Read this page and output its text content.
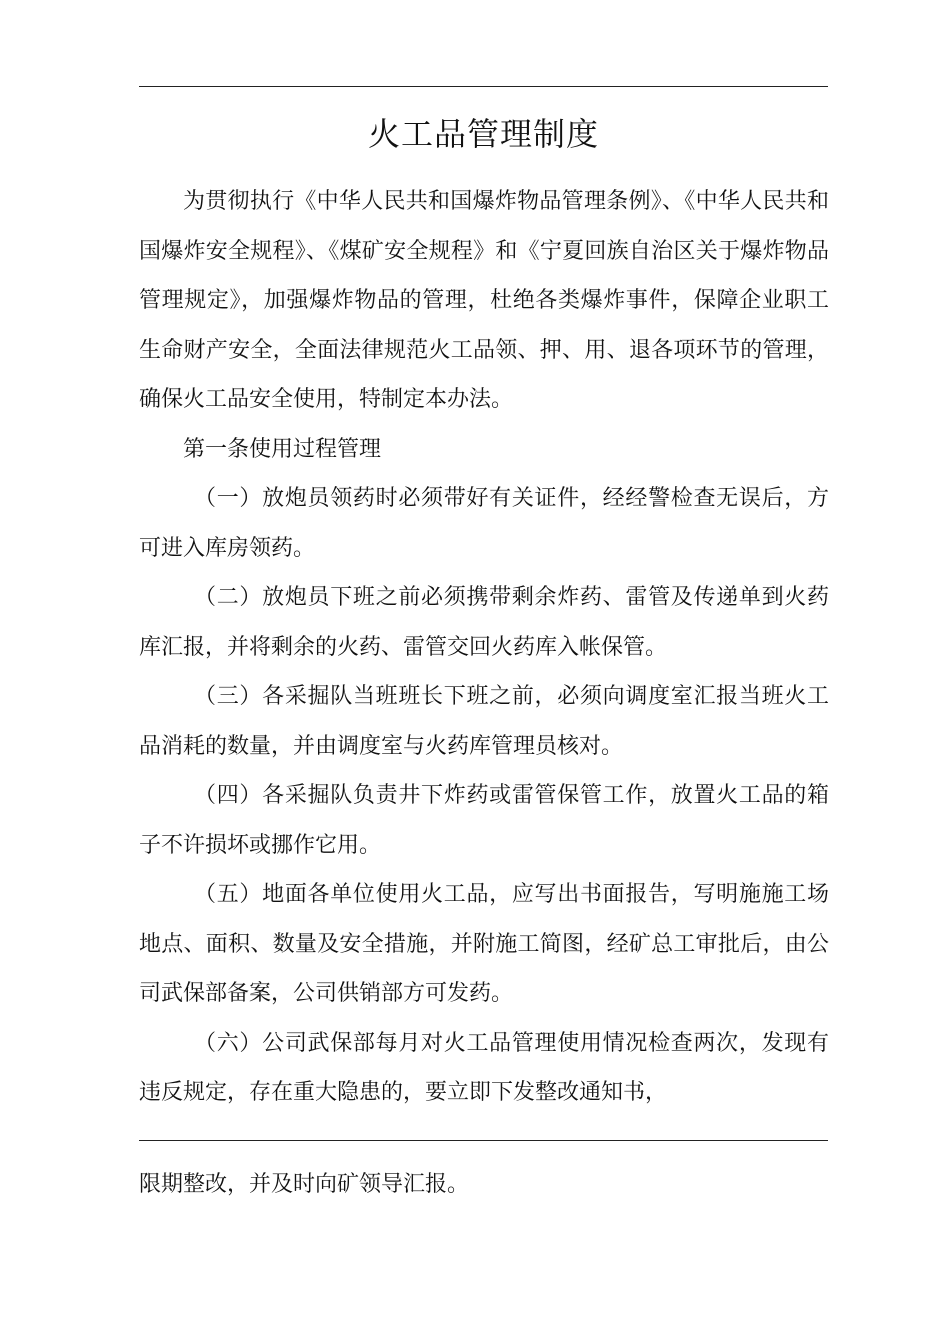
火工品管理制度

为贯彻执行《中华人民共和国爆炸物品管理条例》、《中华人民共和国爆炸安全规程》、《煤矿安全规程》和《宁夏回族自治区关于爆炸物品管理规定》，加强爆炸物品的管理，杜绝各类爆炸事件，保障企业职工生命财产安全，全面法律规范火工品领、押、用、退各项环节的管理，确保火工品安全使用，特制定本办法。

第一条使用过程管理

（一）放炮员领药时必须带好有关证件，经经警检查无误后，方可进入库房领药。

（二）放炮员下班之前必须携带剩余炸药、雷管及传递单到火药库汇报，并将剩余的火药、雷管交回火药库入帐保管。

（三）各采掘队当班班长下班之前，必须向调度室汇报当班火工品消耗的数量，并由调度室与火药库管理员核对。

（四）各采掘队负责井下炸药或雷管保管工作，放置火工品的箱子不许损坏或挪作它用。

（五）地面各单位使用火工品，应写出书面报告，写明施施工场地点、面积、数量及安全措施，并附施工简图，经矿总工审批后，由公司武保部备案，公司供销部方可发药。

（六）公司武保部每月对火工品管理使用情况检查两次，发现有违反规定，存在重大隐患的，要立即下发整改通知书，

限期整改，并及时向矿领导汇报。
